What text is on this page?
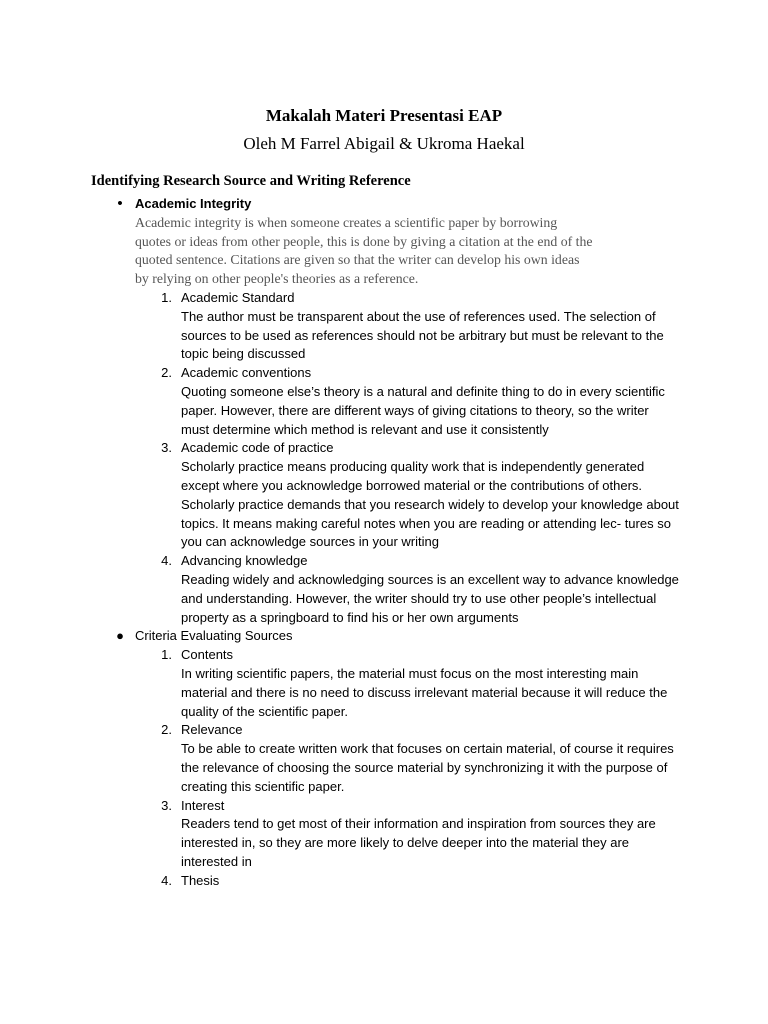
Makalah Materi Presentasi EAP
Oleh M Farrel Abigail & Ukroma Haekal
Identifying Research Source and Writing Reference
• Academic Integrity
Academic integrity is when someone creates a scientific paper by borrowing quotes or ideas from other people, this is done by giving a citation at the end of the quoted sentence. Citations are given so that the writer can develop his own ideas by relying on other people's theories as a reference.
1. Academic Standard
The author must be transparent about the use of references used. The selection of sources to be used as references should not be arbitrary but must be relevant to the topic being discussed
2. Academic conventions
Quoting someone else’s theory is a natural and definite thing to do in every scientific paper. However, there are different ways of giving citations to theory, so the writer must determine which method is relevant and use it consistently
3. Academic code of practice
Scholarly practice means producing quality work that is independently generated except where you acknowledge borrowed material or the contributions of others. Scholarly practice demands that you research widely to develop your knowledge about topics. It means making careful notes when you are reading or attending lec- tures so you can acknowledge sources in your writing
4. Advancing knowledge
Reading widely and acknowledging sources is an excellent way to advance knowledge and understanding. However, the writer should try to use other people’s intellectual property as a springboard to find his or her own arguments
● Criteria Evaluating Sources
1. Contents
In writing scientific papers, the material must focus on the most interesting main material and there is no need to discuss irrelevant material because it will reduce the quality of the scientific paper.
2. Relevance
To be able to create written work that focuses on certain material, of course it requires the relevance of choosing the source material by synchronizing it with the purpose of creating this scientific paper.
3. Interest
Readers tend to get most of their information and inspiration from sources they are interested in, so they are more likely to delve deeper into the material they are interested in
4. Thesis
